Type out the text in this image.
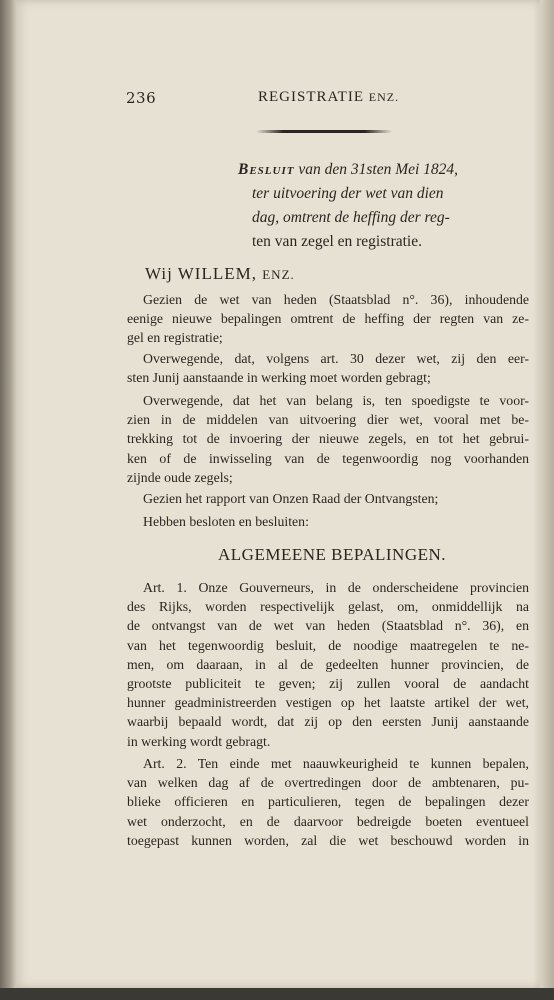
236	REGISTRATIE ENZ.
Besluit van den 31sten Mei 1824,
ter uitvoering der wet van dien
dag, omtrent de heffing der reg-
ten van zegel en registratie.
Wij WILLEM, ENZ.
Gezien de wet van heden (Staatsblad n°. 36), inhoudende
eenige nieuwe bepalingen omtrent de heffing der regten van ze-
gel en registratie;
Overwegende, dat, volgens art. 30 dezer wet, zij den eer-
sten Junij aanstaande in werking moet worden gebragt;
Overwegende, dat het van belang is, ten spoedigste te voor-
zien in de middelen van uitvoering dier wet, vooral met be-
trekking tot de invoering der nieuwe zegels, en tot het gebrui-
ken of de inwisseling van de tegenwoordig nog voorhanden
zijnde oude zegels;
Gezien het rapport van Onzen Raad der Ontvangsten;
Hebben besloten en besluiten:
ALGEMEENE BEPALINGEN.
Art. 1. Onze Gouverneurs, in de onderscheidene provincien
des Rijks, worden respectivelijk gelast, om, onmiddellijk na
de ontvangst van de wet van heden (Staatsblad n°. 36), en
van het tegenwoordig besluit, de noodige maatregelen te ne-
men, om daaraan, in al de gedeelten hunner provincien, de
grootste publiciteit te geven; zij zullen vooral de aandacht
hunner geadministreerden vestigen op het laatste artikel der wet,
waarbij bepaald wordt, dat zij op den eersten Junij aanstaande
in werking wordt gebragt.
Art. 2. Ten einde met naauwkeurigheid te kunnen bepalen,
van welken dag af de overtredingen door de ambtenaren, pu-
blieke officieren en particulieren, tegen de bepalingen dezer
wet onderzocht, en de daarvoor bedreigde boeten eventueel
toegepast kunnen worden, zal die wet beschouwd worden in
